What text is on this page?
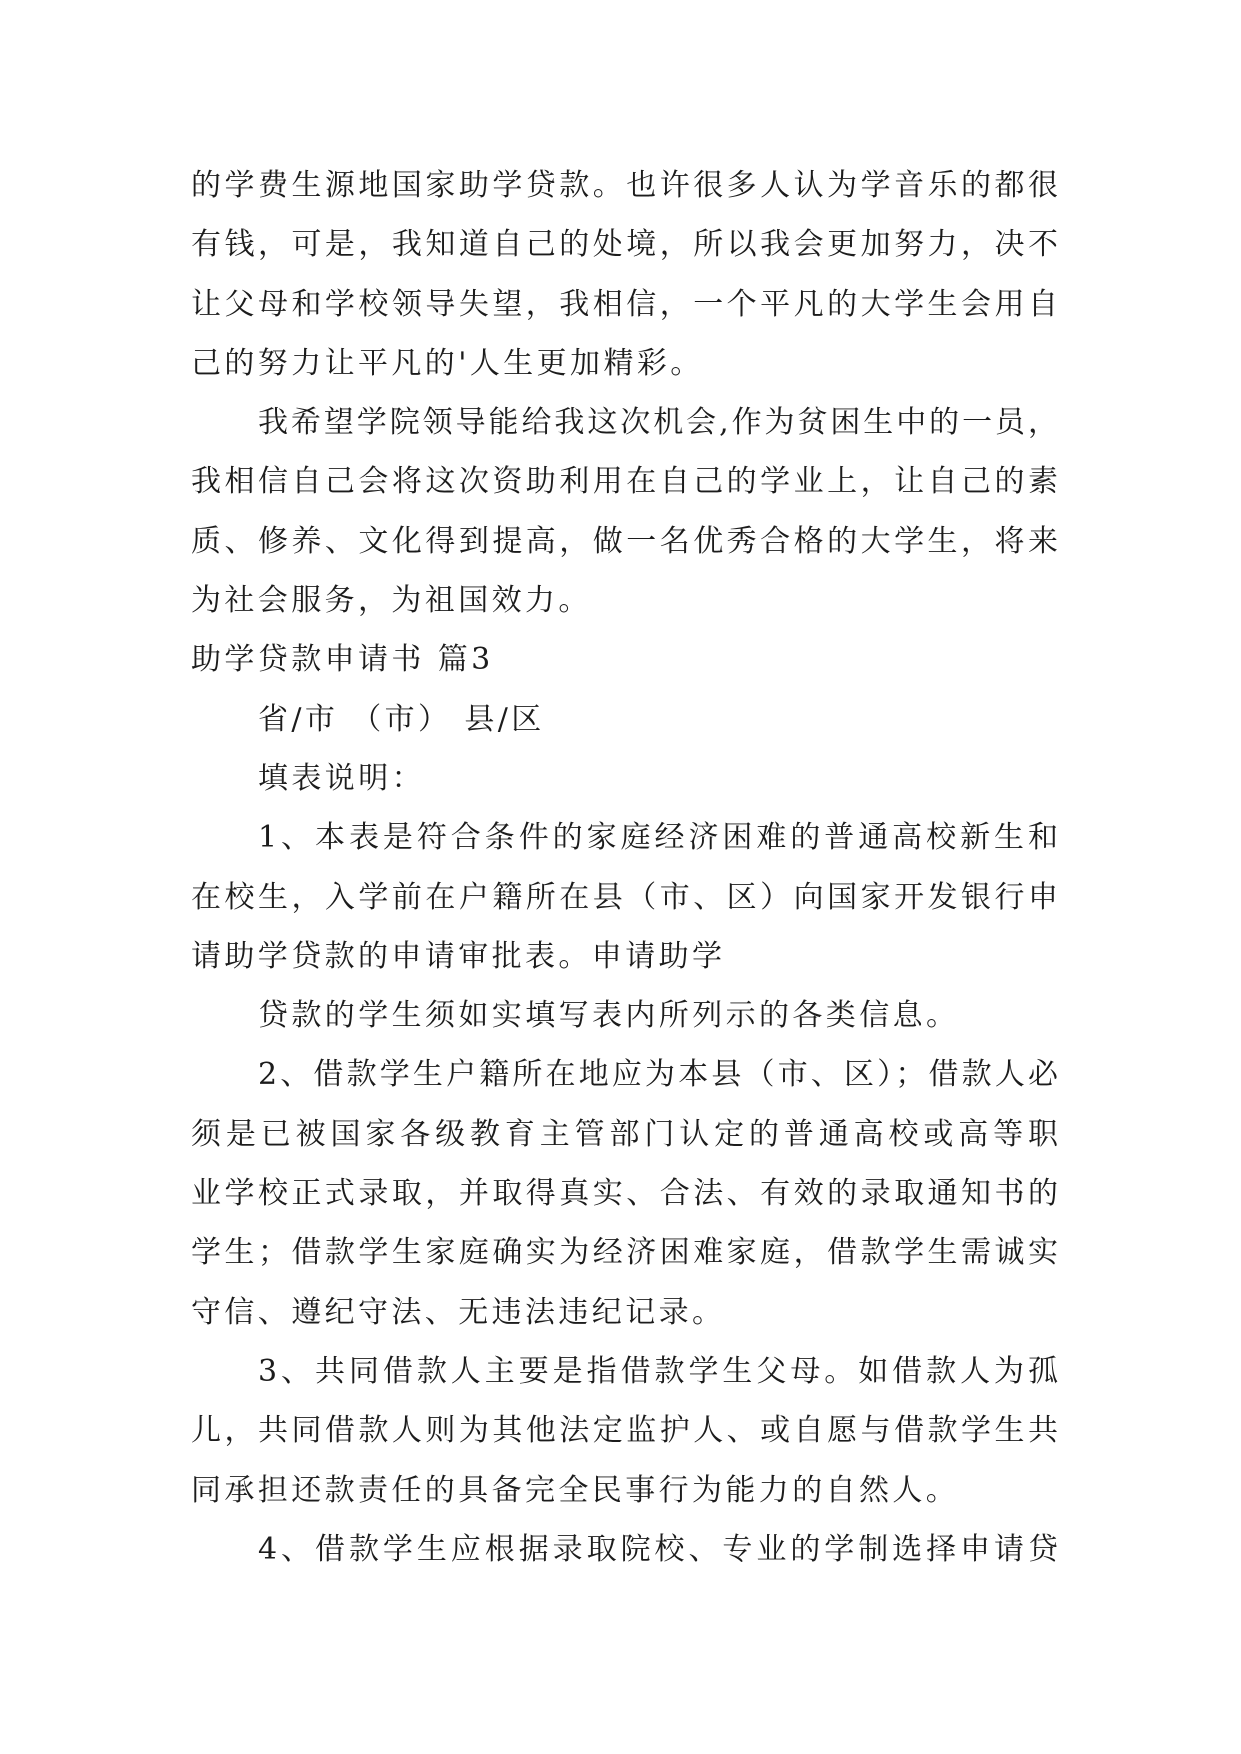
的学费生源地国家助学贷款。也许很多人认为学音乐的都很
有钱，可是，我知道自己的处境，所以我会更加努力，决不
让父母和学校领导失望，我相信，一个平凡的大学生会用自
己的努力让平凡的'人生更加精彩。
我希望学院领导能给我这次机会,作为贫困生中的一员，
我相信自己会将这次资助利用在自己的学业上，让自己的素
质、修养、文化得到提高，做一名优秀合格的大学生，将来
为社会服务，为祖国效力。
助学贷款申请书 篇3
省/市 （市） 县/区
填表说明：
1、本表是符合条件的家庭经济困难的普通高校新生和
在校生，入学前在户籍所在县（市、区）向国家开发银行申
请助学贷款的申请审批表。申请助学
贷款的学生须如实填写表内所列示的各类信息。
2、借款学生户籍所在地应为本县（市、区）；借款人必
须是已被国家各级教育主管部门认定的普通高校或高等职
业学校正式录取，并取得真实、合法、有效的录取通知书的
学生；借款学生家庭确实为经济困难家庭，借款学生需诚实
守信、遵纪守法、无违法违纪记录。
3、共同借款人主要是指借款学生父母。如借款人为孤
儿，共同借款人则为其他法定监护人、或自愿与借款学生共
同承担还款责任的具备完全民事行为能力的自然人。
4、借款学生应根据录取院校、专业的学制选择申请贷
